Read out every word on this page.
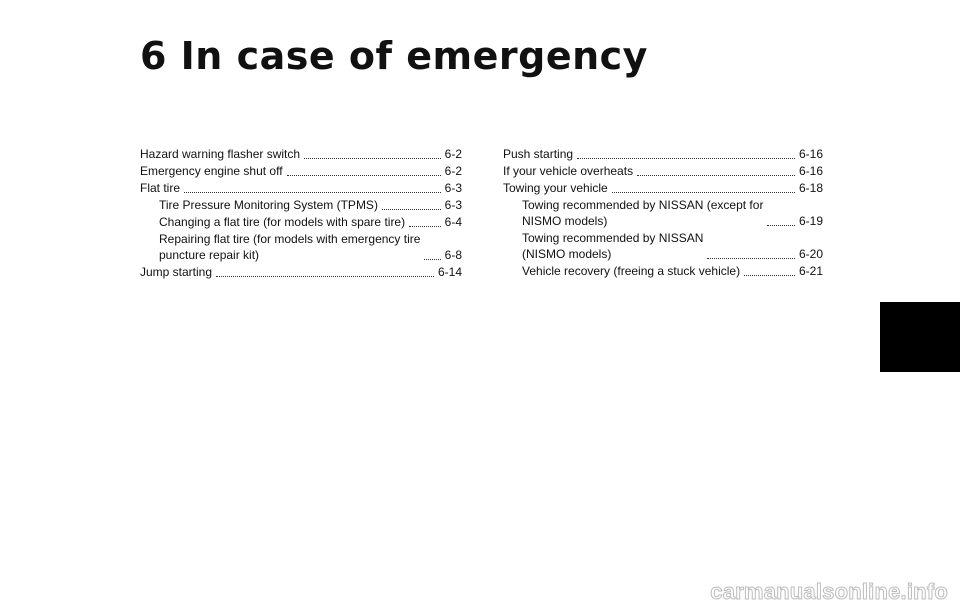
6 In case of emergency
Hazard warning flasher switch	6-2
Emergency engine shut off	6-2
Flat tire	6-3
Tire Pressure Monitoring System (TPMS)	6-3
Changing a flat tire (for models with spare tire)	6-4
Repairing flat tire (for models with emergency tire
puncture repair kit)	6-8
Jump starting	6-14
Push starting	6-16
If your vehicle overheats	6-16
Towing your vehicle	6-18
Towing recommended by NISSAN (except for
NISMO models)	6-19
Towing recommended by NISSAN
(NISMO models)	6-20
Vehicle recovery (freeing a stuck vehicle)	6-21
carmanualsonline.info
